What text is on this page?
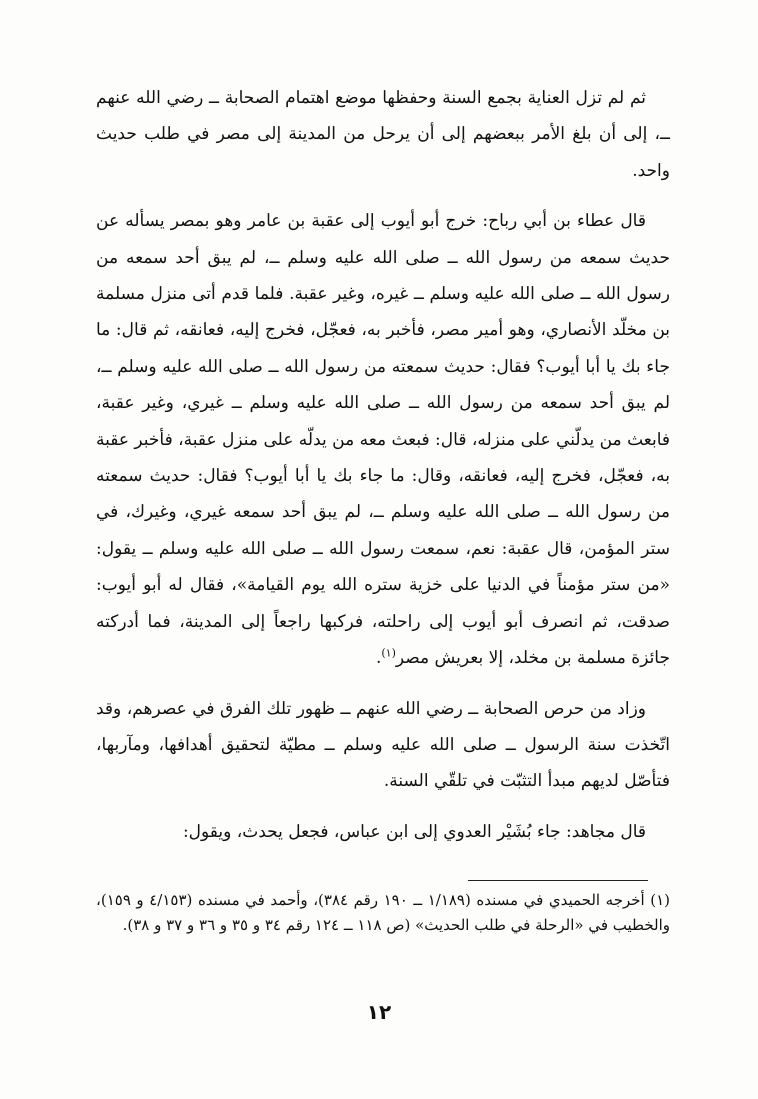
ثم لم تزل العناية بجمع السنة وحفظها موضع اهتمام الصحابة ــ رضي الله عنهم ــ، إلى أن بلغ الأمر ببعضهم إلى أن يرحل من المدينة إلى مصر في طلب حديث واحد.

قال عطاء بن أبي رباح: خرج أبو أيوب إلى عقبة بن عامر وهو بمصر يسأله عن حديث سمعه من رسول الله ــ صلى الله عليه وسلم ــ، لم يبق أحد سمعه من رسول الله ــ صلى الله عليه وسلم ــ غيره، وغير عقبة. فلما قدم أتى منزل مسلمة بن مخلّد الأنصاري، وهو أمير مصر، فأخبر به، فعجّل، فخرج إليه، فعانقه، ثم قال: ما جاء بك يا أبا أيوب؟ فقال: حديث سمعته من رسول الله ــ صلى الله عليه وسلم ــ، لم يبق أحد سمعه من رسول الله ــ صلى الله عليه وسلم ــ غيري، وغير عقبة، فابعث من يدلّني على منزله، قال: فبعث معه من يدلّه على منزل عقبة، فأخبر عقبة به، فعجّل، فخرج إليه، فعانقه، وقال: ما جاء بك يا أبا أيوب؟ فقال: حديث سمعته من رسول الله ــ صلى الله عليه وسلم ــ، لم يبق أحد سمعه غيري، وغيرك، في ستر المؤمن، قال عقبة: نعم، سمعت رسول الله ــ صلى الله عليه وسلم ــ يقول: «من ستر مؤمناً في الدنيا على خزية ستره الله يوم القيامة»، فقال له أبو أيوب: صدقت، ثم انصرف أبو أيوب إلى راحلته، فركبها راجعاً إلى المدينة، فما أدركته جائزة مسلمة بن مخلد، إلا بعريش مصر$^{(١)}$.

وزاد من حرص الصحابة ــ رضي الله عنهم ــ ظهور تلك الفرق في عصرهم، وقد اتّخذت سنة الرسول ــ صلى الله عليه وسلم ــ مطيّة لتحقيق أهدافها، ومآربها، فتأصّل لديهم مبدأ التثبّت في تلقّي السنة.

قال مجاهد: جاء بُشَيْر العدوي إلى ابن عباس، فجعل يحدث، ويقول:

(١) أخرجه الحميدي في مسنده (١/١٨٩ ــ ١٩٠ رقم ٣٨٤)، وأحمد في مسنده (٤/١٥٣ و ١٥٩)، والخطيب في «الرحلة في طلب الحديث» (ص ١١٨ ــ ١٢٤ رقم ٣٤ و ٣٥ و ٣٦ و ٣٧ و ٣٨).

١٢
